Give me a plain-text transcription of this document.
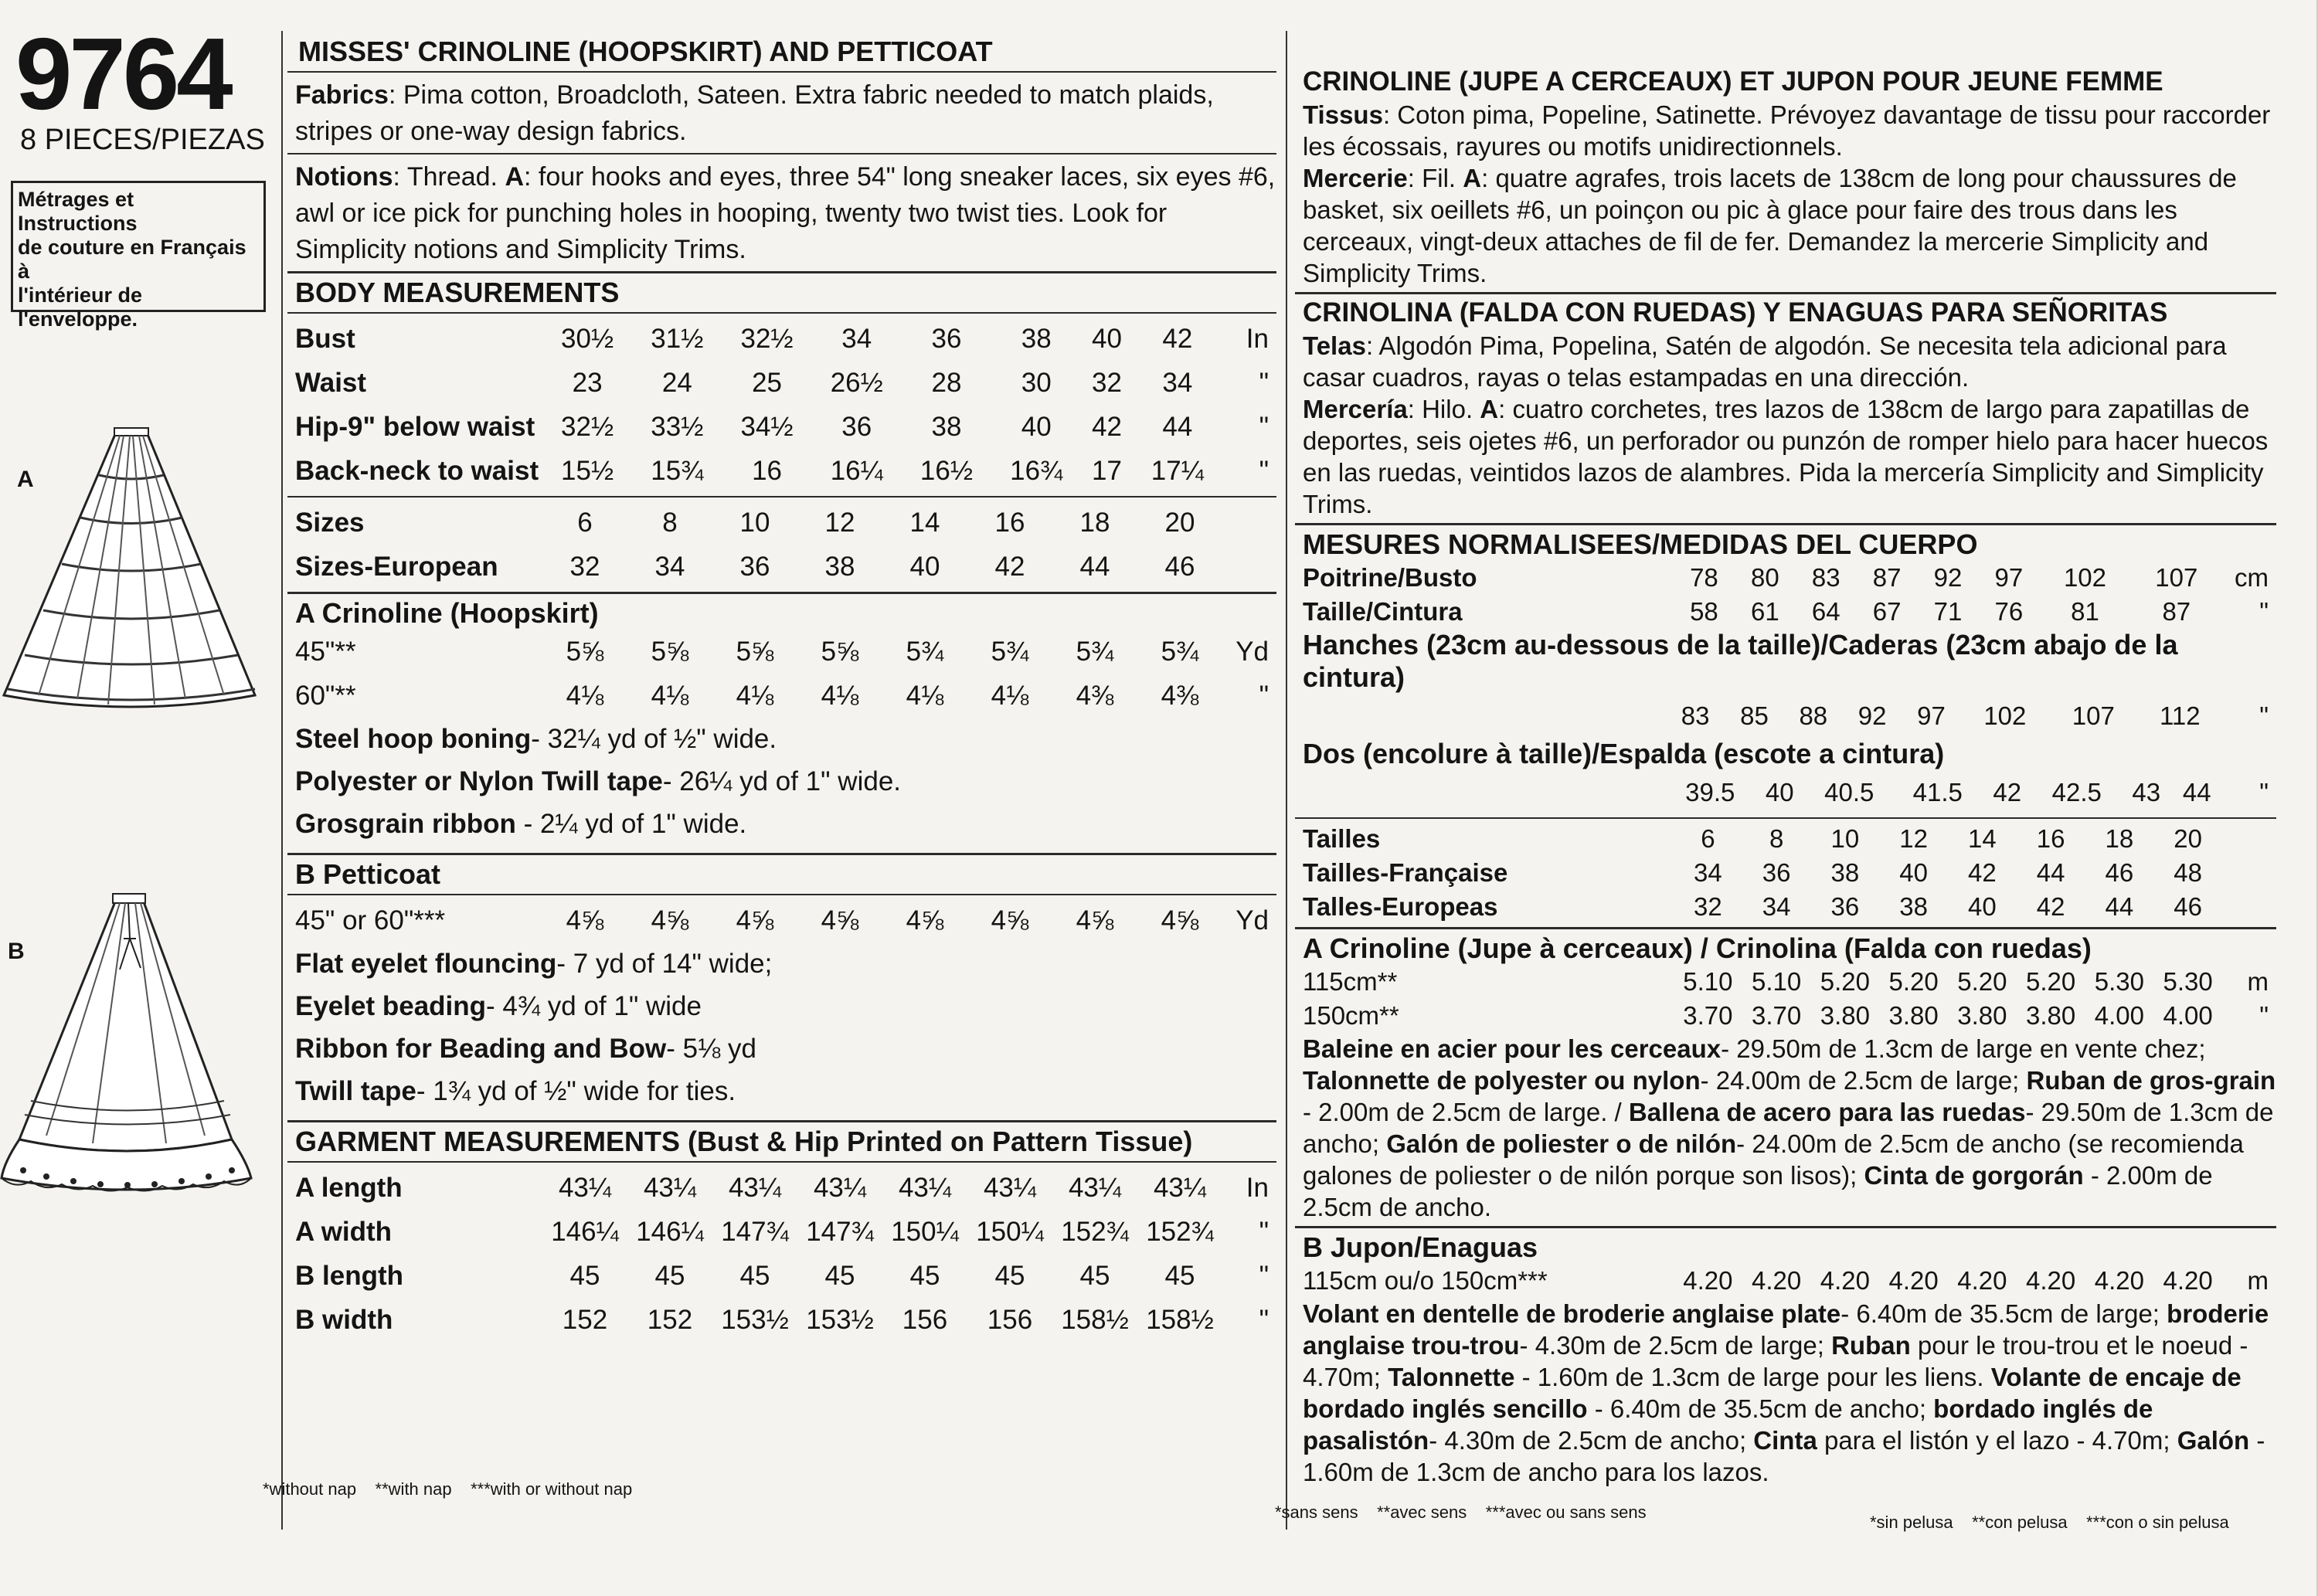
9764
8 PIECES/PIEZAS
Métrages et Instructions
de couture en Français à
l'intérieur de
l'enveloppe.
A
B
MISSES' CRINOLINE (HOOPSKIRT) AND PETTICOAT
Fabrics: Pima cotton, Broadcloth, Sateen. Extra fabric needed to match plaids, stripes or one-way design fabrics.
Notions: Thread. A: four hooks and eyes, three 54" long sneaker laces, six eyes #6, awl or ice pick for punching holes in hooping, twenty two twist ties. Look for Simplicity notions and Simplicity Trims.
BODY MEASUREMENTS
Bust	30½	31½	32½	34	36	38	40	42	In
Waist	23	24	25	26½	28	30	32	34	"
Hip-9" below waist	32½	33½	34½	36	38	40	42	44	"
Back-neck to waist	15½	15¾	16	16¼	16½	16¾	17	17¼	"
Sizes	6	8	10	12	14	16	18	20	
Sizes-European	32	34	36	38	40	42	44	46	
A Crinoline (Hoopskirt)
45"**	5⅝	5⅝	5⅝	5⅝	5¾	5¾	5¾	5¾	Yd
60"**	4⅛	4⅛	4⅛	4⅛	4⅛	4⅛	4⅜	4⅜	"
Steel hoop boning- 32¼ yd of ½" wide.
Polyester or Nylon Twill tape- 26¼ yd of 1" wide.
Grosgrain ribbon - 2¼ yd of 1" wide.
B Petticoat
45" or 60"***	4⅝	4⅝	4⅝	4⅝	4⅝	4⅝	4⅝	4⅝	Yd
Flat eyelet flouncing- 7 yd of 14" wide;
Eyelet beading- 4¾ yd of 1" wide
Ribbon for Beading and Bow- 5⅛ yd
Twill tape- 1¾ yd of ½" wide for ties.
GARMENT MEASUREMENTS (Bust & Hip Printed on Pattern Tissue)
A length	43¼	43¼	43¼	43¼	43¼	43¼	43¼	43¼	In
A width	146¼	146¼	147¾	147¾	150¼	150¼	152¾	152¾	"
B length	45	45	45	45	45	45	45	45	"
B width	152	152	153½	153½	156	156	158½	158½	"
*without nap **with nap ***with or without nap
CRINOLINE (JUPE A CERCEAUX) ET JUPON POUR JEUNE FEMME
Tissus: Coton pima, Popeline, Satinette. Prévoyez davantage de tissu pour raccorder les écossais, rayures ou motifs unidirectionnels.
Mercerie: Fil. A: quatre agrafes, trois lacets de 138cm de long pour chaussures de basket, six oeillets #6, un poinçon ou pic à glace pour faire des trous dans les cerceaux, vingt-deux attaches de fil de fer. Demandez la mercerie Simplicity and Simplicity Trims.
CRINOLINA (FALDA CON RUEDAS) Y ENAGUAS PARA SEÑORITAS
Telas: Algodón Pima, Popelina, Satén de algodón. Se necesita tela adicional para casar cuadros, rayas o telas estampadas en una dirección.
Mercería: Hilo. A: cuatro corchetes, tres lazos de 138cm de largo para zapatillas de deportes, seis ojetes #6, un perforador ou punzón de romper hielo para hacer huecos en las ruedas, veintidos lazos de alambres. Pida la mercería Simplicity and Simplicity Trims.
MESURES NORMALISEES/MEDIDAS DEL CUERPO
Poitrine/Busto	78	80	83	87	92	97	102	107	cm
Taille/Cintura	58	61	64	67	71	76	81	87	"
Hanches (23cm au-dessous de la taille)/Caderas (23cm abajo de la cintura)
	83	85	88	92	97	102	107	112	"
Dos (encolure à taille)/Espalda (escote a cintura)
	39.5	40	40.5	41.5	42	42.5	43	44	"
Tailles	6	8	10	12	14	16	18	20	
Tailles-Française	34	36	38	40	42	44	46	48	
Talles-Europeas	32	34	36	38	40	42	44	46	
A Crinoline (Jupe à cerceaux) / Crinolina (Falda con ruedas)
115cm**	5.10	5.10	5.20	5.20	5.20	5.20	5.30	5.30	m
150cm**	3.70	3.70	3.80	3.80	3.80	3.80	4.00	4.00	"
Baleine en acier pour les cerceaux- 29.50m de 1.3cm de large en vente chez; Talonnette de polyester ou nylon- 24.00m de 2.5cm de large; Ruban de gros-grain - 2.00m de 2.5cm de large. / Ballena de acero para las ruedas- 29.50m de 1.3cm de ancho; Galón de poliester o de nilón- 24.00m de 2.5cm de ancho (se recomienda galones de poliester o de nilón porque son lisos); Cinta de gorgorán - 2.00m de 2.5cm de ancho.
B Jupon/Enaguas
115cm ou/o 150cm***	4.20	4.20	4.20	4.20	4.20	4.20	4.20	4.20	m
Volant en dentelle de broderie anglaise plate- 6.40m de 35.5cm de large; broderie anglaise trou-trou- 4.30m de 2.5cm de large; Ruban pour le trou-trou et le noeud - 4.70m; Talonnette - 1.60m de 1.3cm de large pour les liens. Volante de encaje de bordado inglés sencillo - 6.40m de 35.5cm de ancho; bordado inglés de pasalistón- 4.30m de 2.5cm de ancho; Cinta para el listón y el lazo - 4.70m; Galón - 1.60m de 1.3cm de ancho para los lazos.
*sans sens **avec sens ***avec ou sans sens
*sin pelusa **con pelusa ***con o sin pelusa
